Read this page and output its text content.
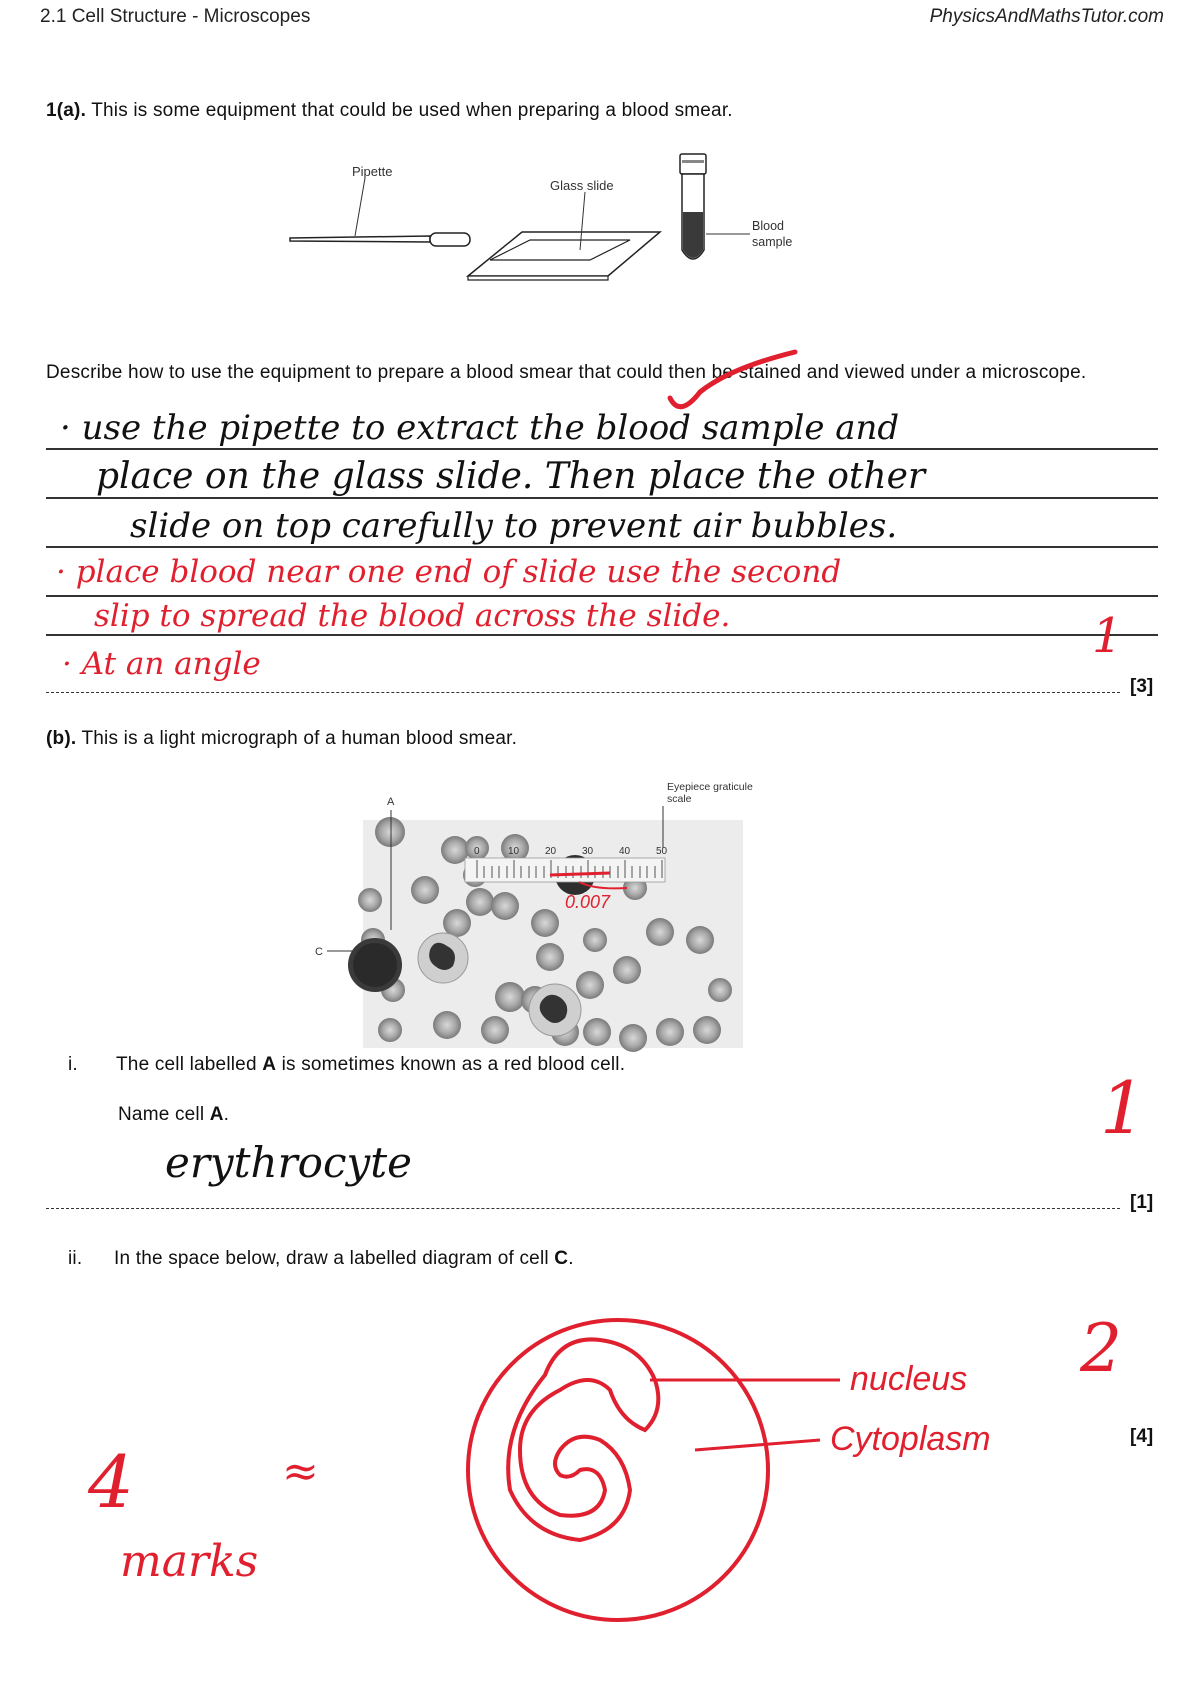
2.1 Cell Structure - Microscopes	PhysicsAndMathsTutor.com
1(a). This is some equipment that could be used when preparing a blood smear.
Pipette
Glass slide
Blood
sample
Describe how to use the equipment to prepare a blood smear that could then be stained and viewed under a microscope.
· use the pipette to extract the blood sample and
place on the glass slide. Then place the other
slide on top carefully to prevent air bubbles.
· place blood near one end of slide use the second
slip to spread the blood across the slide.
· At an angle	1
[3]
(b). This is a light micrograph of a human blood smear.
0	10	20	30	40	50
Eyepiece graticule
scale
A
C
0.007
i. The cell labelled A is sometimes known as a red blood cell.
Name cell A.
erythrocyte
1
[1]
ii. In the space below, draw a labelled diagram of cell C.
nucleus
Cytoplasm
2
[4]
4	≈
marks
